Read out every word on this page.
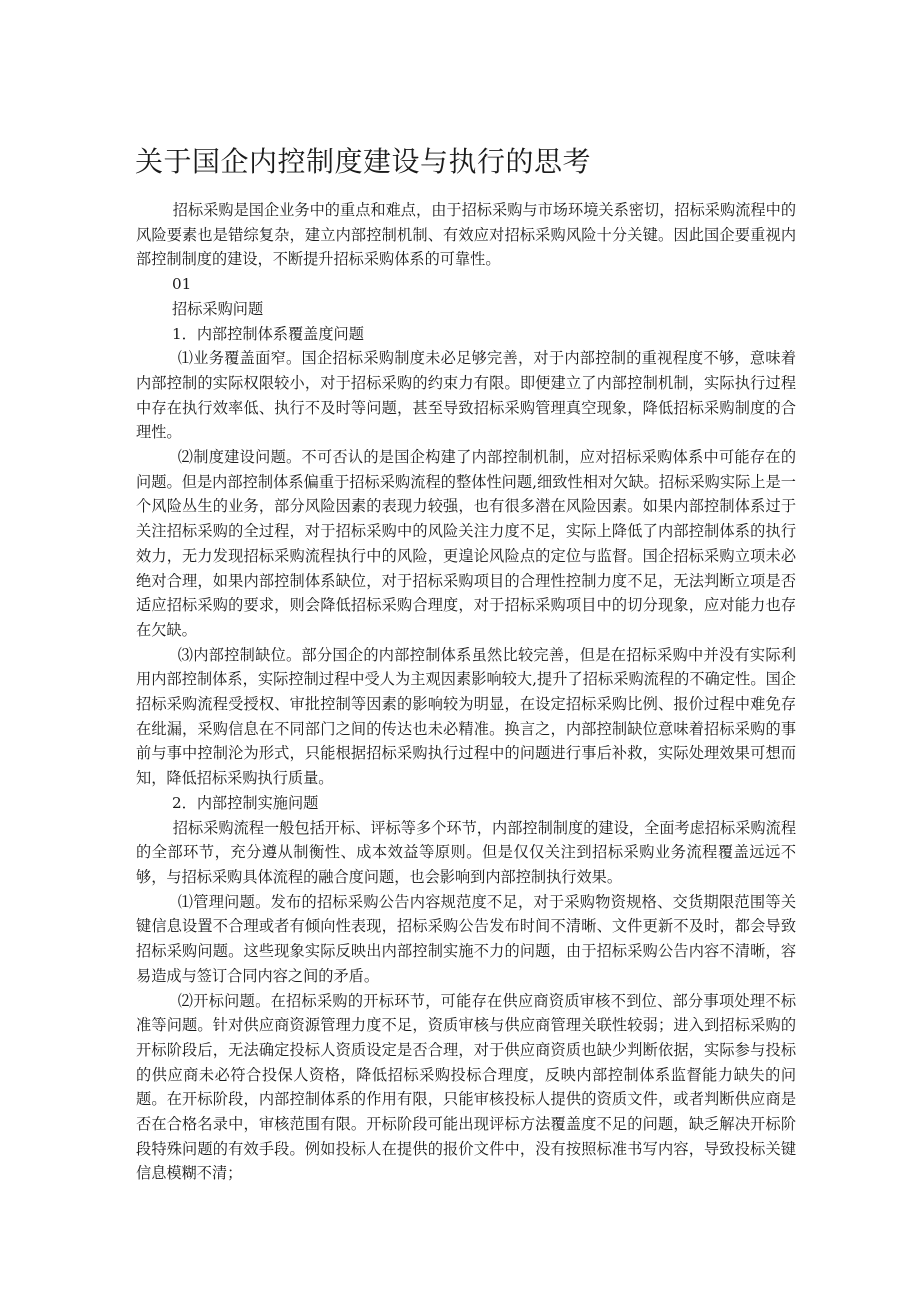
关于国企内控制度建设与执行的思考

招标采购是国企业务中的重点和难点，由于招标采购与市场环境关系密切，招标采购流程中的风险要素也是错综复杂，建立内部控制机制、有效应对招标采购风险十分关键。因此国企要重视内部控制制度的建设，不断提升招标采购体系的可靠性。

01

招标采购问题

1．内部控制体系覆盖度问题

⑴业务覆盖面窄。国企招标采购制度未必足够完善，对于内部控制的重视程度不够，意味着内部控制的实际权限较小，对于招标采购的约束力有限。即便建立了内部控制机制，实际执行过程中存在执行效率低、执行不及时等问题，甚至导致招标采购管理真空现象，降低招标采购制度的合理性。

⑵制度建设问题。不可否认的是国企构建了内部控制机制，应对招标采购体系中可能存在的问题。但是内部控制体系偏重于招标采购流程的整体性问题,细致性相对欠缺。招标采购实际上是一个风险丛生的业务，部分风险因素的表现力较强，也有很多潜在风险因素。如果内部控制体系过于关注招标采购的全过程，对于招标采购中的风险关注力度不足，实际上降低了内部控制体系的执行效力，无力发现招标采购流程执行中的风险，更遑论风险点的定位与监督。国企招标采购立项未必绝对合理，如果内部控制体系缺位，对于招标采购项目的合理性控制力度不足，无法判断立项是否适应招标采购的要求，则会降低招标采购合理度，对于招标采购项目中的切分现象，应对能力也存在欠缺。

⑶内部控制缺位。部分国企的内部控制体系虽然比较完善，但是在招标采购中并没有实际利用内部控制体系，实际控制过程中受人为主观因素影响较大,提升了招标采购流程的不确定性。国企招标采购流程受授权、审批控制等因素的影响较为明显，在设定招标采购比例、报价过程中难免存在纰漏，采购信息在不同部门之间的传达也未必精准。换言之，内部控制缺位意味着招标采购的事前与事中控制沦为形式，只能根据招标采购执行过程中的问题进行事后补救，实际处理效果可想而知，降低招标采购执行质量。

2．内部控制实施问题

招标采购流程一般包括开标、评标等多个环节，内部控制制度的建设，全面考虑招标采购流程的全部环节，充分遵从制衡性、成本效益等原则。但是仅仅关注到招标采购业务流程覆盖远远不够，与招标采购具体流程的融合度问题，也会影响到内部控制执行效果。

⑴管理问题。发布的招标采购公告内容规范度不足，对于采购物资规格、交货期限范围等关键信息设置不合理或者有倾向性表现，招标采购公告发布时间不清晰、文件更新不及时，都会导致招标采购问题。这些现象实际反映出内部控制实施不力的问题，由于招标采购公告内容不清晰，容易造成与签订合同内容之间的矛盾。

⑵开标问题。在招标采购的开标环节，可能存在供应商资质审核不到位、部分事项处理不标准等问题。针对供应商资源管理力度不足，资质审核与供应商管理关联性较弱；进入到招标采购的开标阶段后，无法确定投标人资质设定是否合理，对于供应商资质也缺少判断依据，实际参与投标的供应商未必符合投保人资格，降低招标采购投标合理度，反映内部控制体系监督能力缺失的问题。在开标阶段，内部控制体系的作用有限，只能审核投标人提供的资质文件，或者判断供应商是否在合格名录中，审核范围有限。开标阶段可能出现评标方法覆盖度不足的问题，缺乏解决开标阶段特殊问题的有效手段。例如投标人在提供的报价文件中，没有按照标准书写内容，导致投标关键信息模糊不清；
